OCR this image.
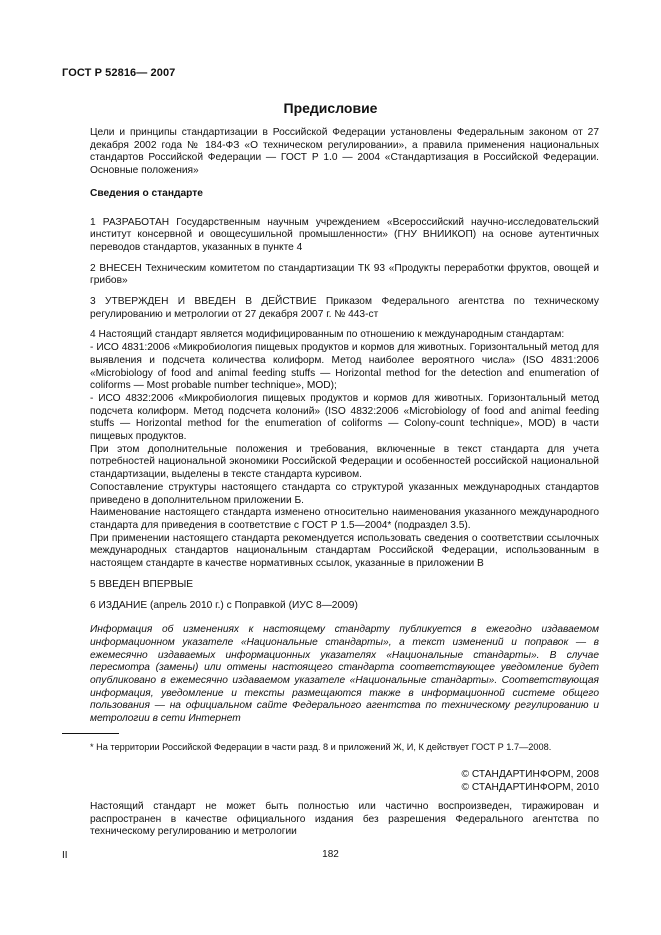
ГОСТ Р 52816— 2007
Предисловие

Цели и принципы стандартизации в Российской Федерации установлены Федеральным законом от 27 декабря 2002 года № 184-ФЗ «О техническом регулировании», а правила применения национальных стандартов Российской Федерации — ГОСТ Р 1.0 — 2004 «Стандартизация в Российской Федерации. Основные положения»

Сведения о стандарте

1 РАЗРАБОТАН Государственным научным учреждением «Всероссийский научно-исследовательский институт консервной и овощесушильной промышленности» (ГНУ ВНИИКОП) на основе аутентичных переводов стандартов, указанных в пункте 4

2 ВНЕСЕН Техническим комитетом по стандартизации ТК 93 «Продукты переработки фруктов, овощей и грибов»

3 УТВЕРЖДЕН И ВВЕДЕН В ДЕЙСТВИЕ Приказом Федерального агентства по техническому регулированию и метрологии от 27 декабря 2007 г. № 443-ст

4 Настоящий стандарт является модифицированным по отношению к международным стандартам:

- ИСО 4831:2006 «Микробиология пищевых продуктов и кормов для животных. Горизонтальный метод для выявления и подсчета количества колиформ. Метод наиболее вероятного числа» (ISO 4831:2006 «Microbiology of food and animal feeding stuffs — Horizontal method for the detection and enumeration of coliforms — Most probable number technique», MOD);

- ИСО 4832:2006 «Микробиология пищевых продуктов и кормов для животных. Горизонтальный метод подсчета колиформ. Метод подсчета колоний» (ISO 4832:2006 «Microbiology of food and animal feeding stuffs — Horizontal method for the enumeration of coliforms — Colony-count technique», MOD) в части пищевых продуктов.

При этом дополнительные положения и требования, включенные в текст стандарта для учета потребностей национальной экономики Российской Федерации и особенностей российской национальной стандартизации, выделены в тексте стандарта курсивом.

Сопоставление структуры настоящего стандарта со структурой указанных международных стандартов приведено в дополнительном приложении Б.

Наименование настоящего стандарта изменено относительно наименования указанного международного стандарта для приведения в соответствие с ГОСТ Р 1.5—2004* (подраздел 3.5).

При применении настоящего стандарта рекомендуется использовать сведения о соответствии ссылочных международных стандартов национальным стандартам Российской Федерации, использованным в настоящем стандарте в качестве нормативных ссылок, указанные в приложении В

5 ВВЕДЕН ВПЕРВЫЕ

6 ИЗДАНИЕ (апрель 2010 г.) с Поправкой (ИУС 8—2009)

Информация об изменениях к настоящему стандарту публикуется в ежегодно издаваемом информационном указателе «Национальные стандарты», а текст изменений и поправок — в ежемесячно издаваемых информационных указателях «Национальные стандарты». В случае пересмотра (замены) или отмены настоящего стандарта соответствующее уведомление будет опубликовано в ежемесячно издаваемом указателе «Национальные стандарты». Соответствующая информация, уведомление и тексты размещаются также в информационной системе общего пользования — на официальном сайте Федерального агентства по техническому регулированию и метрологии в сети Интернет

* На территории Российской Федерации в части разд. 8 и приложений Ж, И, К действует ГОСТ Р 1.7—2008.
© СТАНДАРТИНФОРМ, 2008
© СТАНДАРТИНФОРМ, 2010
Настоящий стандарт не может быть полностью или частично воспроизведен, тиражирован и распространен в качестве официального издания без разрешения Федерального агентства по техническому регулированию и метрологии
II	182
